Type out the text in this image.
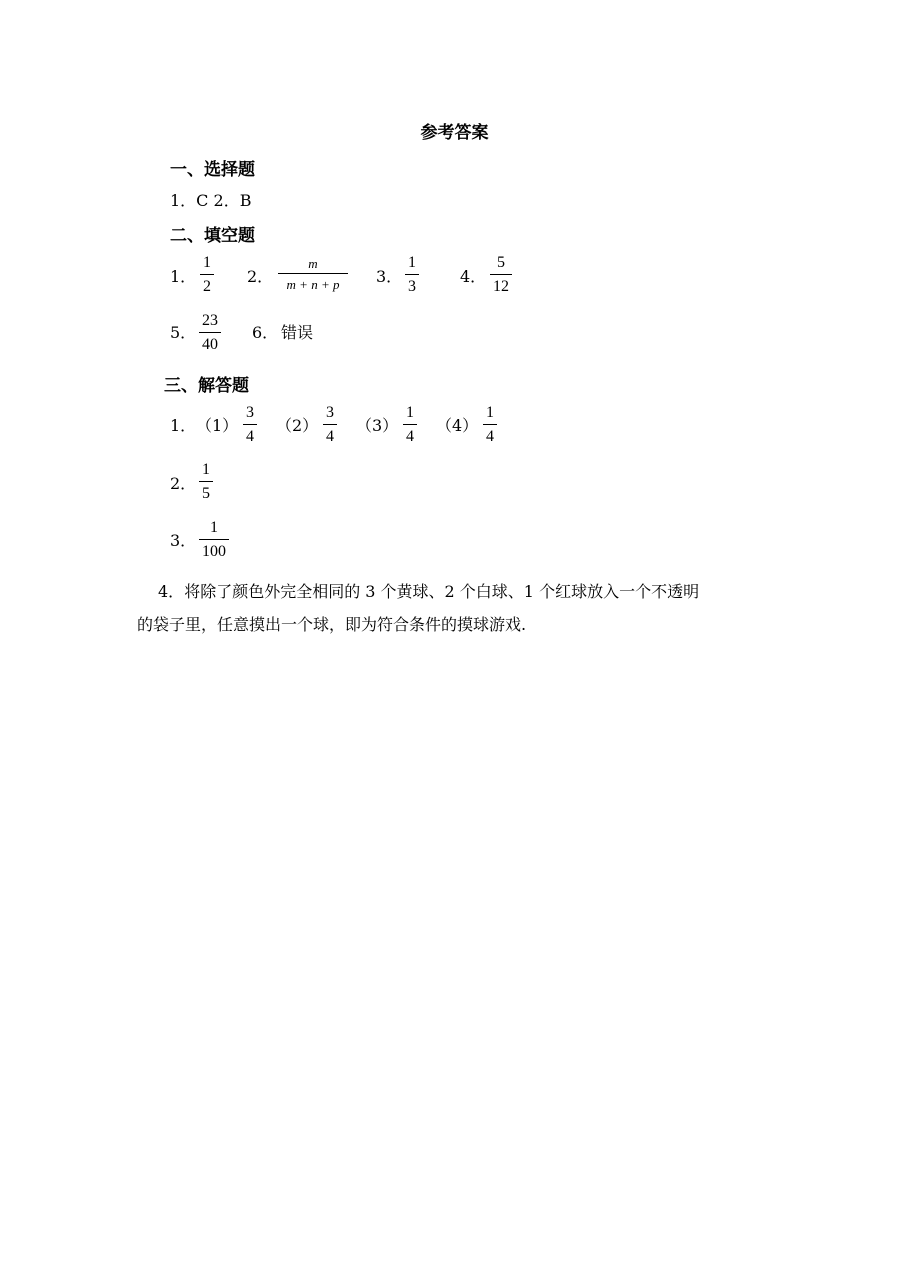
参考答案
一、选择题
1．C 2．B
二、填空题
1．
1
2
2．
m
m + n + p 3．
1
3
4．
5
12
5．
23
40
6． 错误
三、解答题
1． （1）
3
4
（2）
3
4
（3）
1
4
（4）
1
4
2．
1
5
3．
1
100

4．将除了颜色外完全相同的 3 个黄球、2 个白球、1 个红球放入一个不透明

的袋子里，任意摸出一个球，即为符合条件的摸球游戏.
